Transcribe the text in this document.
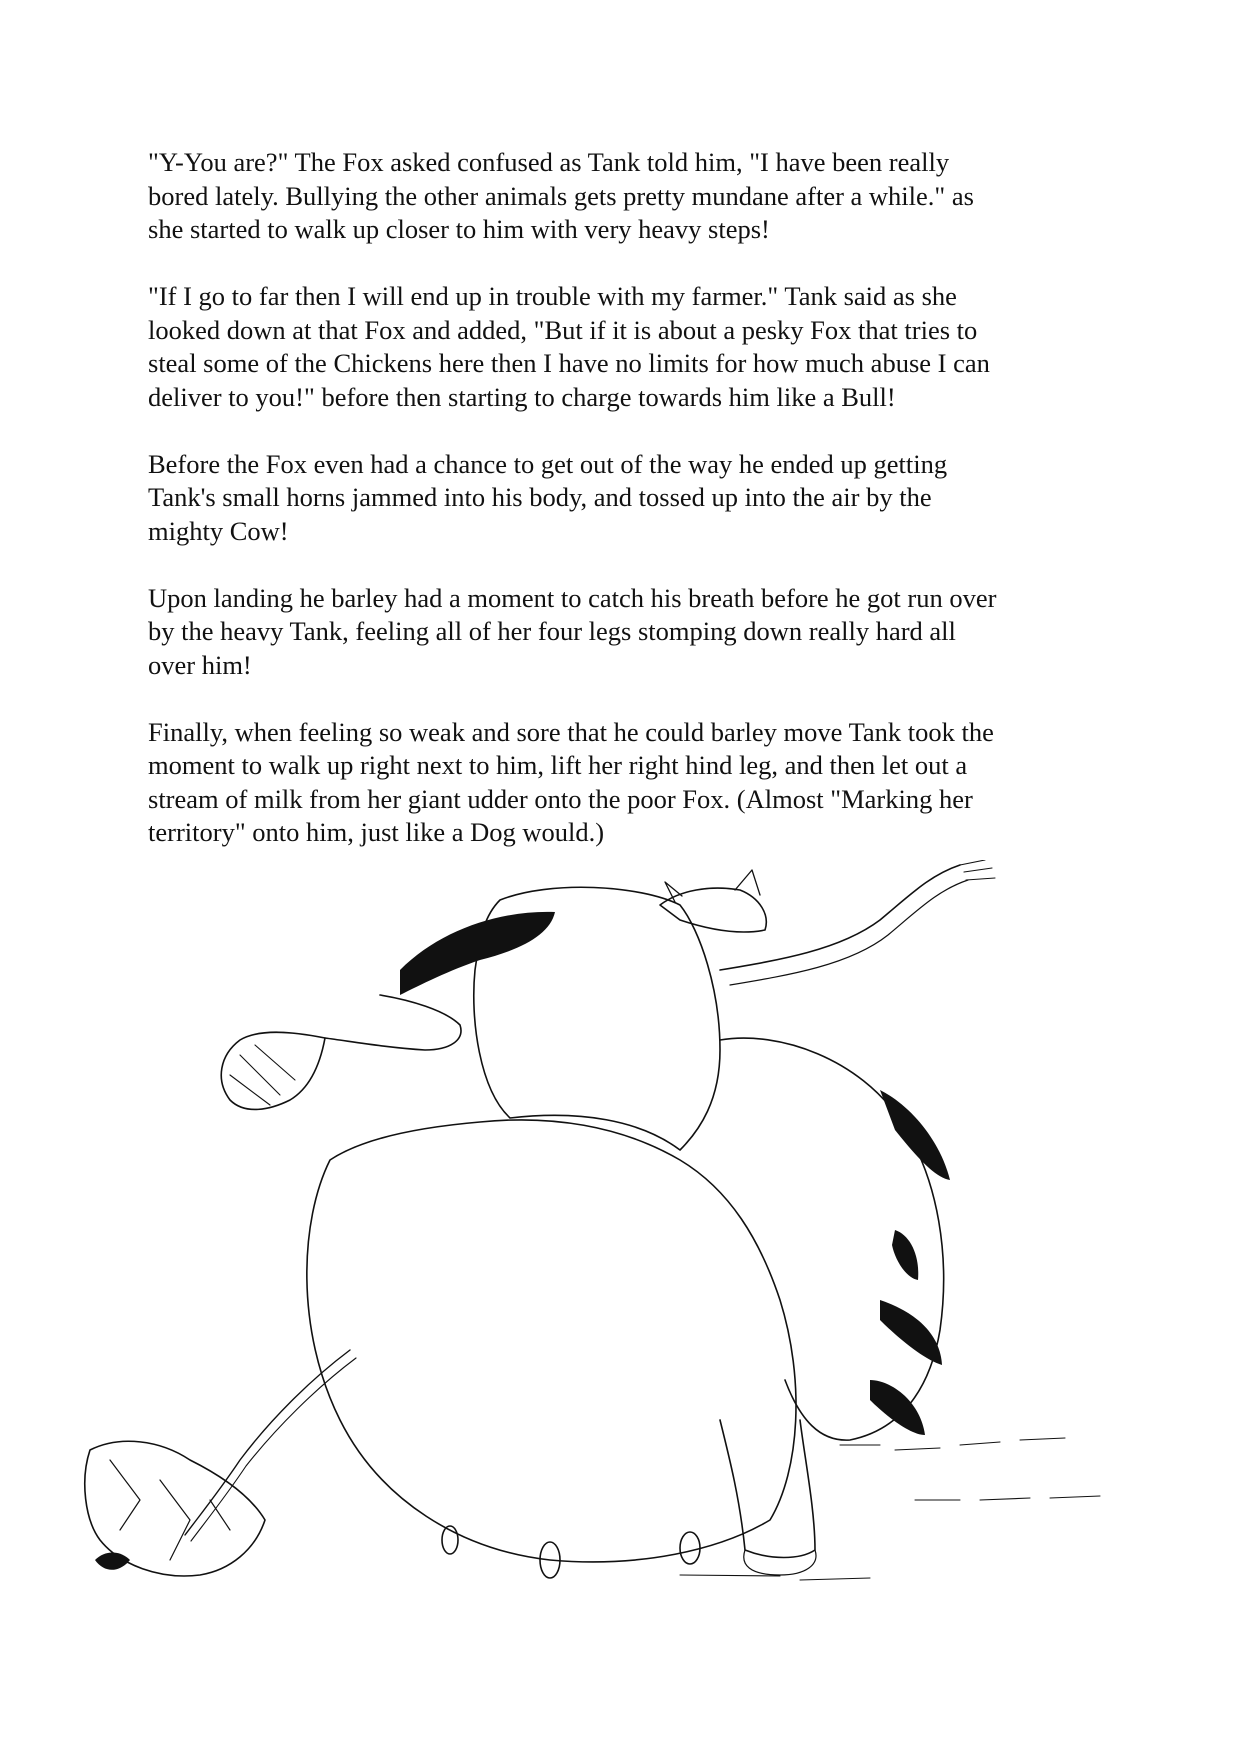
"Y-You are?" The Fox asked confused as Tank told him, "I have been really
bored lately. Bullying the other animals gets pretty mundane after a while." as
she started to walk up closer to him with very heavy steps!

"If I go to far then I will end up in trouble with my farmer." Tank said as she
looked down at that Fox and added, "But if it is about a pesky Fox that tries to
steal some of the Chickens here then I have no limits for how much abuse I can
deliver to you!" before then starting to charge towards him like a Bull!

Before the Fox even had a chance to get out of the way he ended up getting
Tank's small horns jammed into his body, and tossed up into the air by the
mighty Cow!

Upon landing he barley had a moment to catch his breath before he got run over
by the heavy Tank, feeling all of her four legs stomping down really hard all
over him!

Finally, when feeling so weak and sore that he could barley move Tank took the
moment to walk up right next to him, lift her right hind leg, and then let out a
stream of milk from her giant udder onto the poor Fox. (Almost "Marking her
territory" onto him, just like a Dog would.)
